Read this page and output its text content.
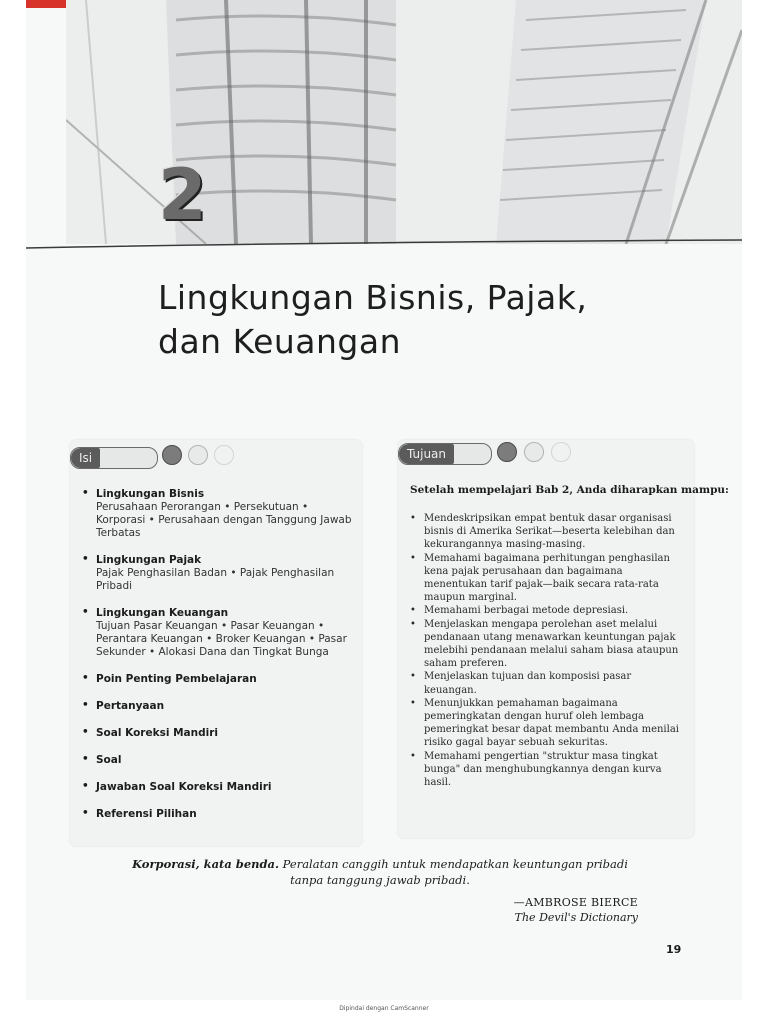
2
Lingkungan Bisnis, Pajak,
dan Keuangan
Isi
• Lingkungan Bisnis
Perusahaan Perorangan • Persekutuan • Korporasi • Perusahaan dengan Tanggung Jawab Terbatas
• Lingkungan Pajak
Pajak Penghasilan Badan • Pajak Penghasilan Pribadi
• Lingkungan Keuangan
Tujuan Pasar Keuangan • Pasar Keuangan • Perantara Keuangan • Broker Keuangan • Pasar Sekunder • Alokasi Dana dan Tingkat Bunga
• Poin Penting Pembelajaran
• Pertanyaan
• Soal Koreksi Mandiri
• Soal
• Jawaban Soal Koreksi Mandiri
• Referensi Pilihan
Tujuan
Setelah mempelajari Bab 2, Anda diharapkan mampu:
• Mendeskripsikan empat bentuk dasar organisasi bisnis di Amerika Serikat—beserta kelebihan dan kekurangannya masing-masing.
• Memahami bagaimana perhitungan penghasilan kena pajak perusahaan dan bagaimana menentukan tarif pajak—baik secara rata-rata maupun marginal.
• Memahami berbagai metode depresiasi.
• Menjelaskan mengapa perolehan aset melalui pendanaan utang menawarkan keuntungan pajak melebihi pendanaan melalui saham biasa ataupun saham preferen.
• Menjelaskan tujuan dan komposisi pasar keuangan.
• Menunjukkan pemahaman bagaimana pemeringkatan dengan huruf oleh lembaga pemeringkat besar dapat membantu Anda menilai risiko gagal bayar sebuah sekuritas.
• Memahami pengertian "struktur masa tingkat bunga" dan menghubungkannya dengan kurva hasil.
Korporasi, kata benda. Peralatan canggih untuk mendapatkan keuntungan pribadi tanpa tanggung jawab pribadi.
—AMBROSE BIERCE
The Devil's Dictionary
19
Dipindai dengan CamScanner
